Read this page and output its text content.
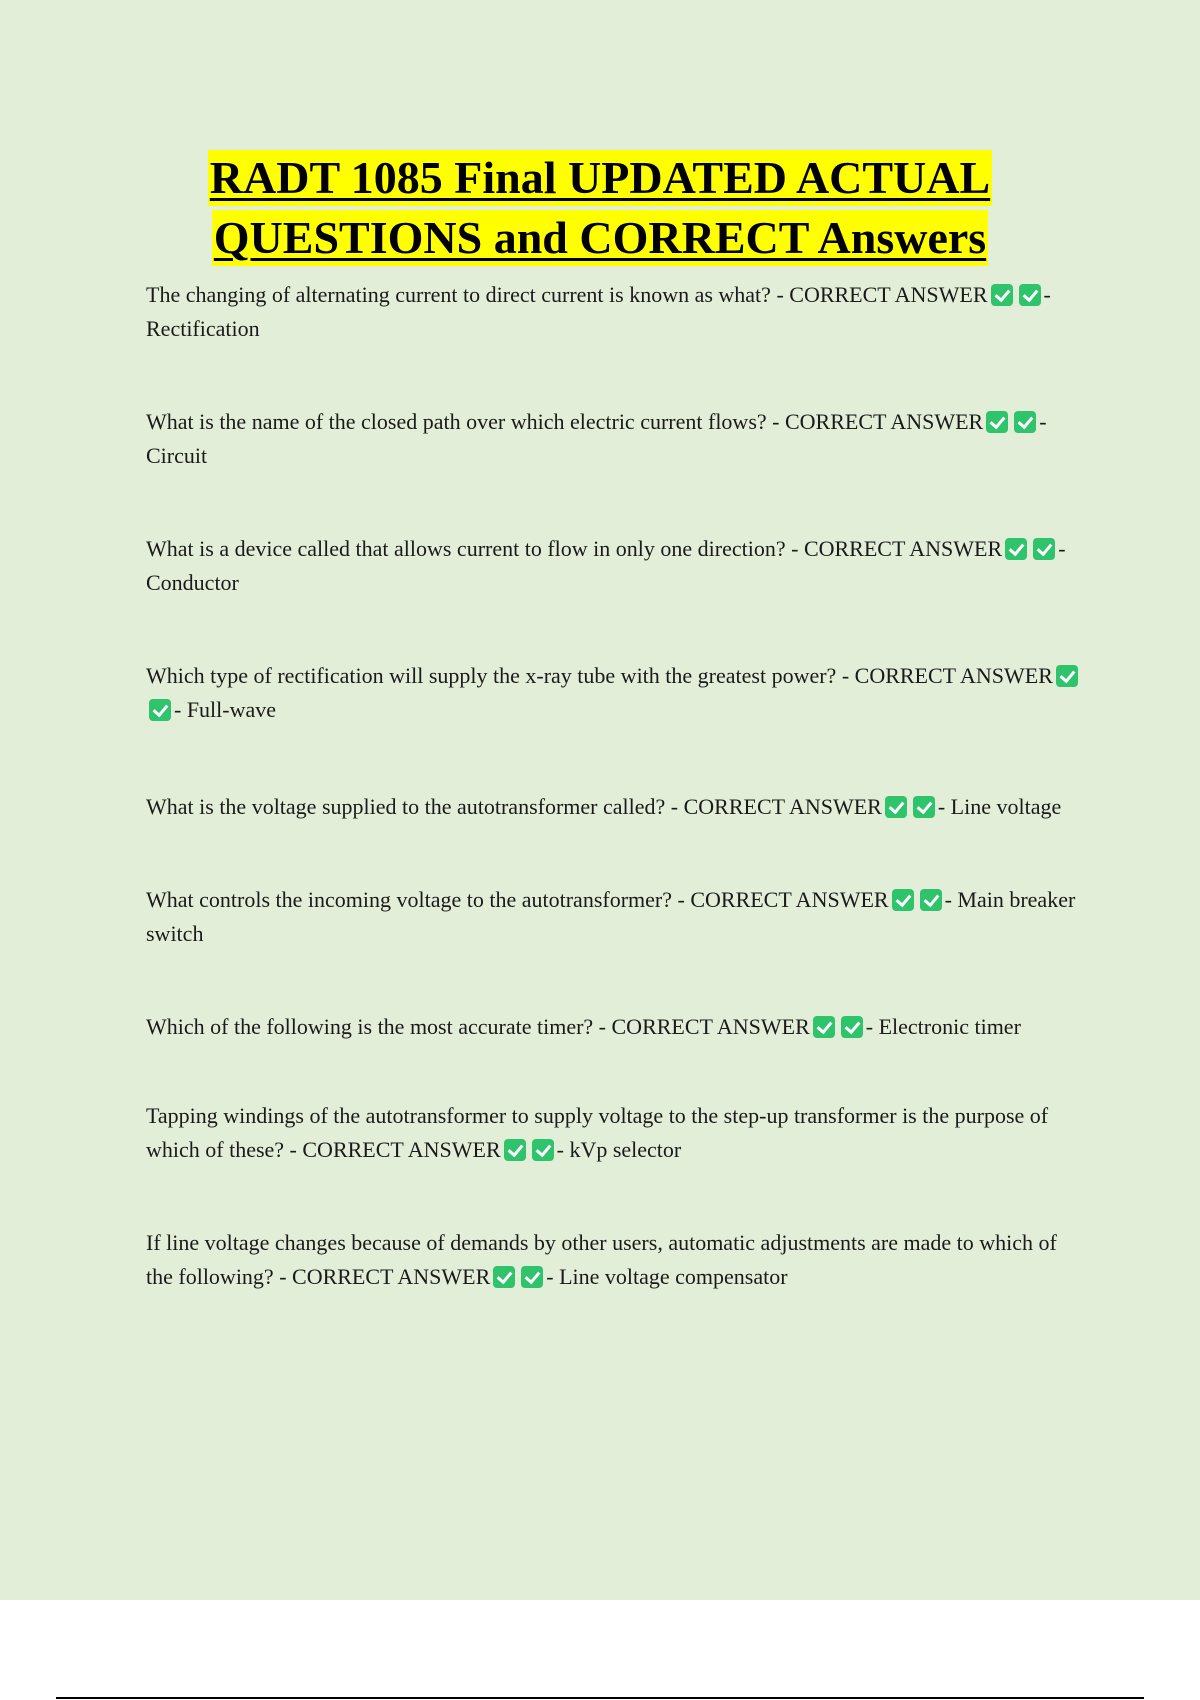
RADT 1085 Final UPDATED ACTUAL
QUESTIONS and CORRECT Answers

The changing of alternating current to direct current is known as what? - CORRECT ANSWER	- Rectification

What is the name of the closed path over which electric current flows? - CORRECT ANSWER	- Circuit

What is a device called that allows current to flow in only one direction? - CORRECT ANSWER	- Conductor

Which type of rectification will supply the x-ray tube with the greatest power? - CORRECT ANSWER- Full-wave

What is the voltage supplied to the autotransformer called? - CORRECT ANSWER	- Line voltage

What controls the incoming voltage to the autotransformer? - CORRECT ANSWER	- Main breaker switch

Which of the following is the most accurate timer? - CORRECT ANSWER	- Electronic timer

Tapping windings of the autotransformer to supply voltage to the step-up transformer is the purpose of which of these? - CORRECT ANSWER	- kVp selector

If line voltage changes because of demands by other users, automatic adjustments are made to which of the following? - CORRECT ANSWER	- Line voltage compensator
